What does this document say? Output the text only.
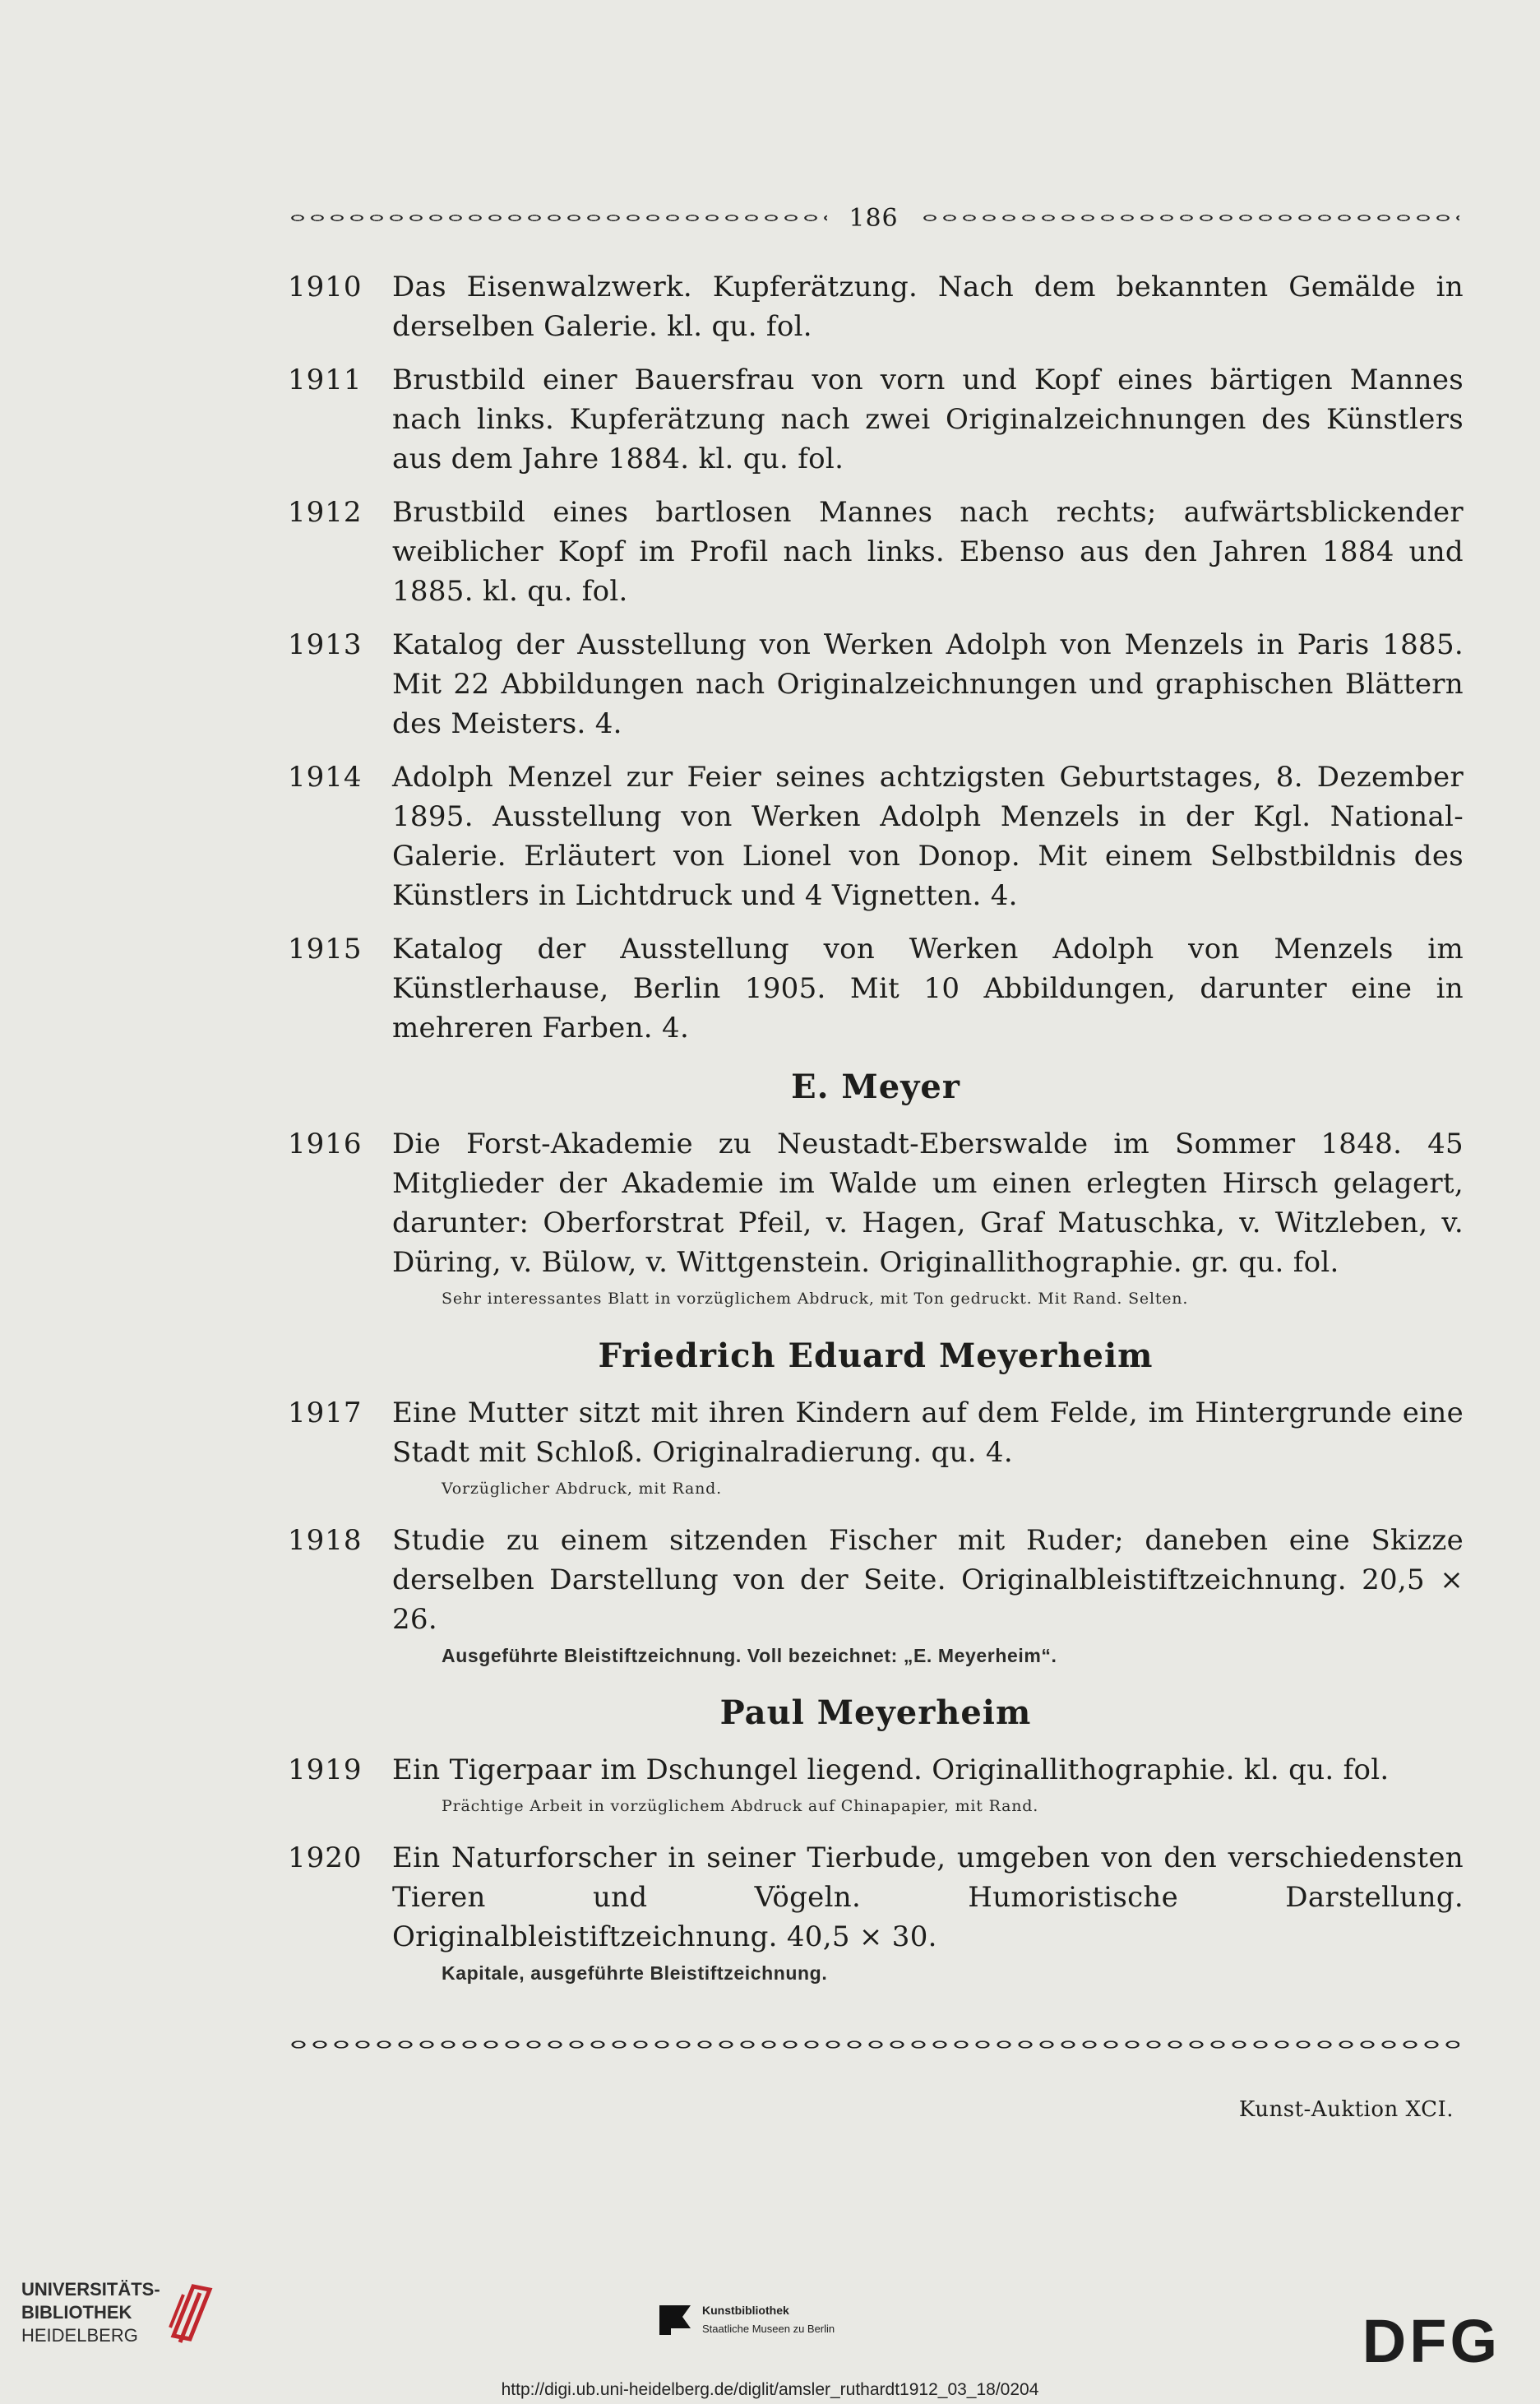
186
1910	Das Eisenwalzwerk. Kupferätzung. Nach dem bekannten Gemälde in derselben Galerie. kl. qu. fol.
1911	Brustbild einer Bauersfrau von vorn und Kopf eines bärtigen Mannes nach links. Kupferätzung nach zwei Originalzeichnungen des Künstlers aus dem Jahre 1884. kl. qu. fol.
1912	Brustbild eines bartlosen Mannes nach rechts; aufwärtsblickender weiblicher Kopf im Profil nach links. Ebenso aus den Jahren 1884 und 1885. kl. qu. fol.
1913	Katalog der Ausstellung von Werken Adolph von Menzels in Paris 1885. Mit 22 Abbildungen nach Originalzeichnungen und graphischen Blättern des Meisters. 4.
1914	Adolph Menzel zur Feier seines achtzigsten Geburtstages, 8. Dezember 1895. Ausstellung von Werken Adolph Menzels in der Kgl. National-Galerie. Erläutert von Lionel von Donop. Mit einem Selbstbildnis des Künstlers in Lichtdruck und 4 Vignetten. 4.
1915	Katalog der Ausstellung von Werken Adolph von Menzels im Künstlerhause, Berlin 1905. Mit 10 Abbildungen, darunter eine in mehreren Farben. 4.
E. Meyer
1916	Die Forst-Akademie zu Neustadt-Eberswalde im Sommer 1848. 45 Mitglieder der Akademie im Walde um einen erlegten Hirsch gelagert, darunter: Oberforstrat Pfeil, v. Hagen, Graf Matuschka, v. Witzleben, v. Düring, v. Bülow, v. Wittgenstein. Originallithographie. gr. qu. fol.
Sehr interessantes Blatt in vorzüglichem Abdruck, mit Ton gedruckt. Mit Rand. Selten.
Friedrich Eduard Meyerheim
1917	Eine Mutter sitzt mit ihren Kindern auf dem Felde, im Hintergrunde eine Stadt mit Schloß. Originalradierung. qu. 4.
Vorzüglicher Abdruck, mit Rand.
1918	Studie zu einem sitzenden Fischer mit Ruder; daneben eine Skizze derselben Darstellung von der Seite. Originalbleistiftzeichnung. 20,5 × 26.
Ausgeführte Bleistiftzeichnung. Voll bezeichnet: „E. Meyerheim“.
Paul Meyerheim
1919	Ein Tigerpaar im Dschungel liegend. Originallithographie. kl. qu. fol.
Prächtige Arbeit in vorzüglichem Abdruck auf Chinapapier, mit Rand.
1920	Ein Naturforscher in seiner Tierbude, umgeben von den verschiedensten Tieren und Vögeln. Humoristische Darstellung. Originalbleistiftzeichnung. 40,5 × 30.
Kapitale, ausgeführte Bleistiftzeichnung.
Kunst-Auktion XCI.
UNIVERSITÄTS-
BIBLIOTHEK
HEIDELBERG
Kunstbibliothek
Staatliche Museen zu Berlin	DFG
http://digi.ub.uni-heidelberg.de/diglit/amsler_ruthardt1912_03_18/0204
